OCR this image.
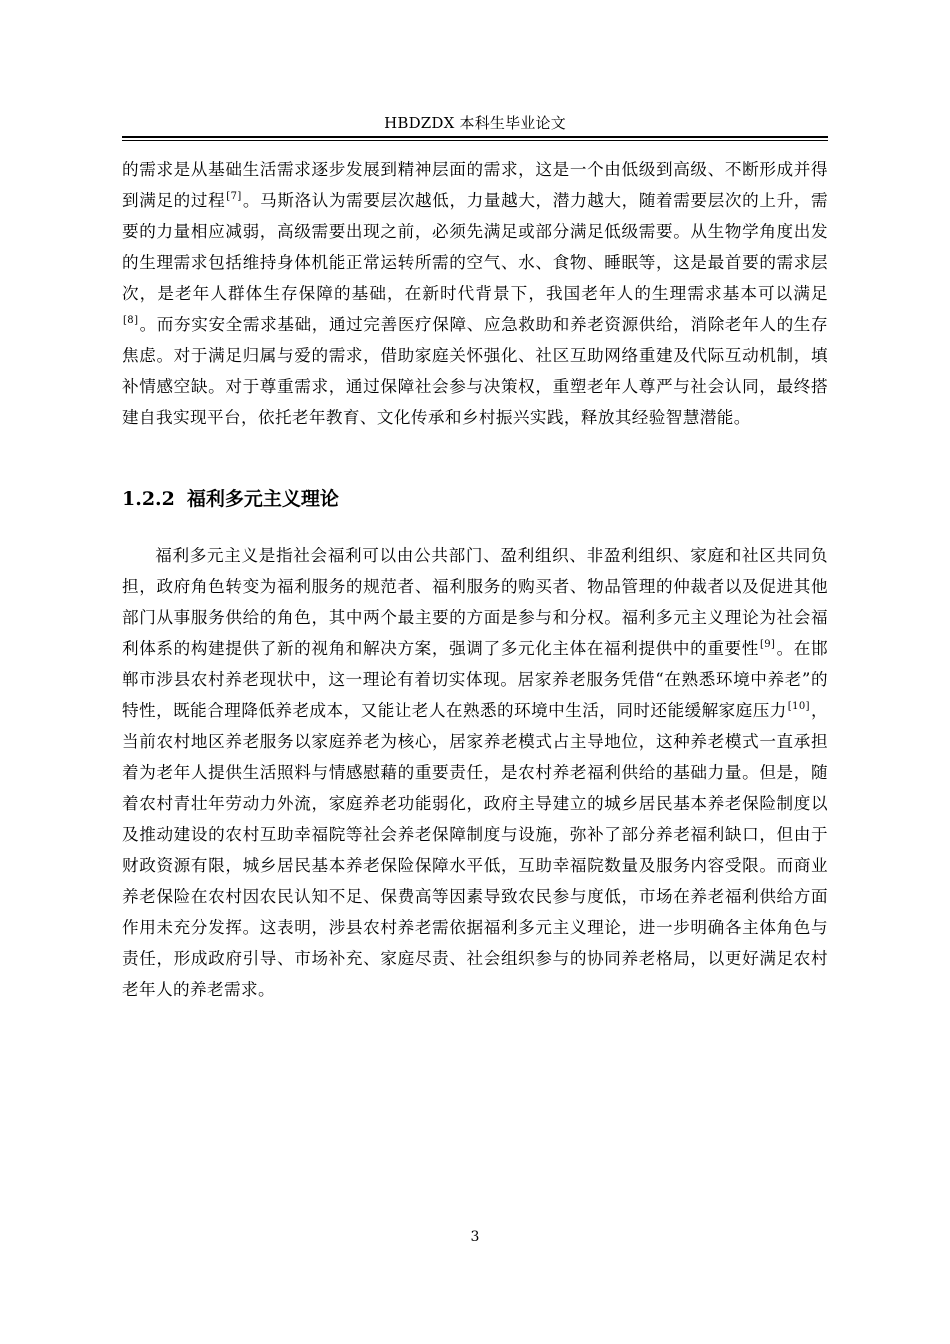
HBDZDX 本科生毕业论文
的需求是从基础生活需求逐步发展到精神层面的需求，这是一个由低级到高级、不断形成并得到满足的过程[7]。马斯洛认为需要层次越低，力量越大，潜力越大，随着需要层次的上升，需要的力量相应减弱，高级需要出现之前，必须先满足或部分满足低级需要。从生物学角度出发的生理需求包括维持身体机能正常运转所需的空气、水、食物、睡眠等，这是最首要的需求层次，是老年人群体生存保障的基础，在新时代背景下，我国老年人的生理需求基本可以满足[8]。而夯实安全需求基础，通过完善医疗保障、应急救助和养老资源供给，消除老年人的生存焦虑。对于满足归属与爱的需求，借助家庭关怀强化、社区互助网络重建及代际互动机制，填补情感空缺。对于尊重需求，通过保障社会参与决策权，重塑老年人尊严与社会认同，最终搭建自我实现平台，依托老年教育、文化传承和乡村振兴实践，释放其经验智慧潜能。
1.2.2 福利多元主义理论
福利多元主义是指社会福利可以由公共部门、盈利组织、非盈利组织、家庭和社区共同负担，政府角色转变为福利服务的规范者、福利服务的购买者、物品管理的仲裁者以及促进其他部门从事服务供给的角色，其中两个最主要的方面是参与和分权。福利多元主义理论为社会福利体系的构建提供了新的视角和解决方案，强调了多元化主体在福利提供中的重要性[9]。在邯郸市涉县农村养老现状中，这一理论有着切实体现。居家养老服务凭借“在熟悉环境中养老”的特性，既能合理降低养老成本，又能让老人在熟悉的环境中生活，同时还能缓解家庭压力[10]，当前农村地区养老服务以家庭养老为核心，居家养老模式占主导地位，这种养老模式一直承担着为老年人提供生活照料与情感慰藉的重要责任，是农村养老福利供给的基础力量。但是，随着农村青壮年劳动力外流，家庭养老功能弱化，政府主导建立的城乡居民基本养老保险制度以及推动建设的农村互助幸福院等社会养老保障制度与设施，弥补了部分养老福利缺口，但由于财政资源有限，城乡居民基本养老保险保障水平低，互助幸福院数量及服务内容受限。而商业养老保险在农村因农民认知不足、保费高等因素导致农民参与度低，市场在养老福利供给方面作用未充分发挥。这表明，涉县农村养老需依据福利多元主义理论，进一步明确各主体角色与责任，形成政府引导、市场补充、家庭尽责、社会组织参与的协同养老格局，以更好满足农村老年人的养老需求。
3
